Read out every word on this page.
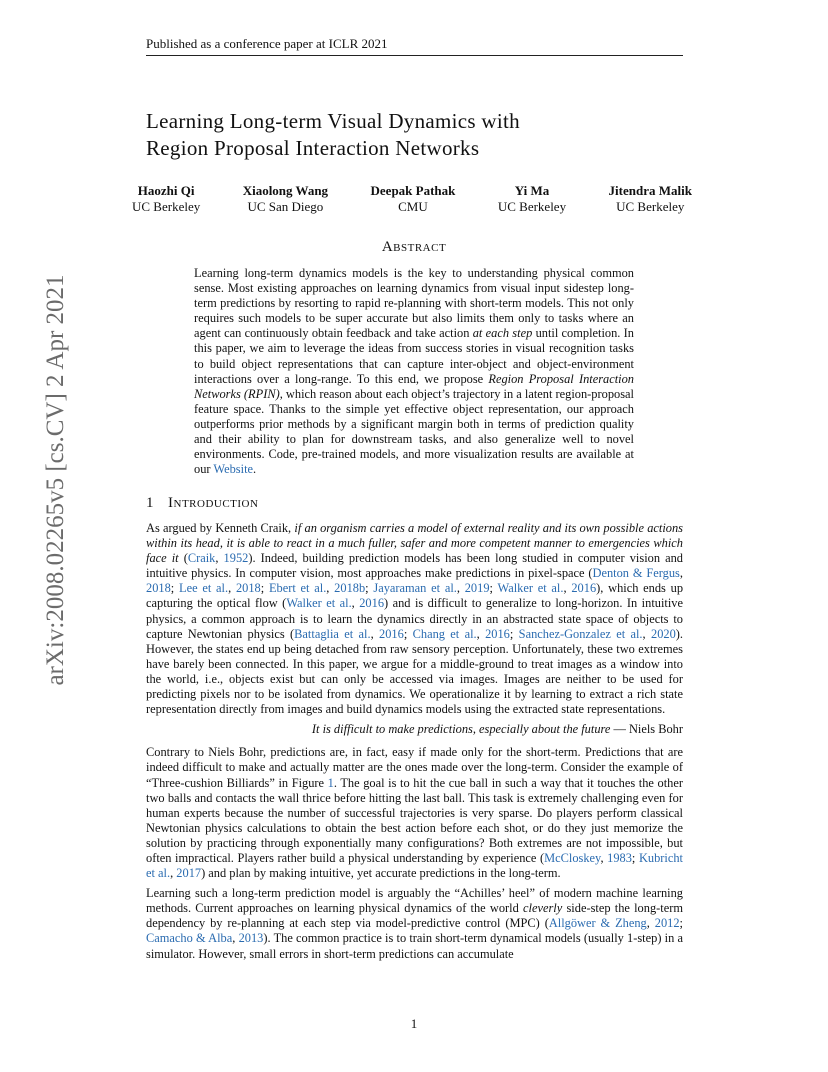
Published as a conference paper at ICLR 2021
arXiv:2008.02265v5 [cs.CV] 2 Apr 2021
Learning Long-term Visual Dynamics with
Region Proposal Interaction Networks
Haozhi Qi
UC Berkeley
Xiaolong Wang
UC San Diego
Deepak Pathak
CMU
Yi Ma
UC Berkeley
Jitendra Malik
UC Berkeley
Abstract
Learning long-term dynamics models is the key to understanding physical common sense. Most existing approaches on learning dynamics from visual input sidestep long-term predictions by resorting to rapid re-planning with short-term models. This not only requires such models to be super accurate but also limits them only to tasks where an agent can continuously obtain feedback and take action at each step until completion. In this paper, we aim to leverage the ideas from success stories in visual recognition tasks to build object representations that can capture inter-object and object-environment interactions over a long-range. To this end, we propose Region Proposal Interaction Networks (RPIN), which reason about each object’s trajectory in a latent region-proposal feature space. Thanks to the simple yet effective object representation, our approach outperforms prior methods by a significant margin both in terms of prediction quality and their ability to plan for downstream tasks, and also generalize well to novel environments. Code, pre-trained models, and more visualization results are available at our Website.
1 Introduction

As argued by Kenneth Craik, if an organism carries a model of external reality and its own possible actions within its head, it is able to react in a much fuller, safer and more competent manner to emergencies which face it (Craik, 1952). Indeed, building prediction models has been long studied in computer vision and intuitive physics. In computer vision, most approaches make predictions in pixel-space (Denton & Fergus, 2018; Lee et al., 2018; Ebert et al., 2018b; Jayaraman et al., 2019; Walker et al., 2016), which ends up capturing the optical flow (Walker et al., 2016) and is difficult to generalize to long-horizon. In intuitive physics, a common approach is to learn the dynamics directly in an abstracted state space of objects to capture Newtonian physics (Battaglia et al., 2016; Chang et al., 2016; Sanchez-Gonzalez et al., 2020). However, the states end up being detached from raw sensory perception. Unfortunately, these two extremes have barely been connected. In this paper, we argue for a middle-ground to treat images as a window into the world, i.e., objects exist but can only be accessed via images. Images are neither to be used for predicting pixels nor to be isolated from dynamics. We operationalize it by learning to extract a rich state representation directly from images and build dynamics models using the extracted state representations.

It is difficult to make predictions, especially about the future — Niels Bohr

Contrary to Niels Bohr, predictions are, in fact, easy if made only for the short-term. Predictions that are indeed difficult to make and actually matter are the ones made over the long-term. Consider the example of “Three-cushion Billiards” in Figure 1. The goal is to hit the cue ball in such a way that it touches the other two balls and contacts the wall thrice before hitting the last ball. This task is extremely challenging even for human experts because the number of successful trajectories is very sparse. Do players perform classical Newtonian physics calculations to obtain the best action before each shot, or do they just memorize the solution by practicing through exponentially many configurations? Both extremes are not impossible, but often impractical. Players rather build a physical understanding by experience (McCloskey, 1983; Kubricht et al., 2017) and plan by making intuitive, yet accurate predictions in the long-term.

Learning such a long-term prediction model is arguably the “Achilles’ heel” of modern machine learning methods. Current approaches on learning physical dynamics of the world cleverly side-step the long-term dependency by re-planning at each step via model-predictive control (MPC) (Allgöwer & Zheng, 2012; Camacho & Alba, 2013). The common practice is to train short-term dynamical models (usually 1-step) in a simulator. However, small errors in short-term predictions can accumulate

1
